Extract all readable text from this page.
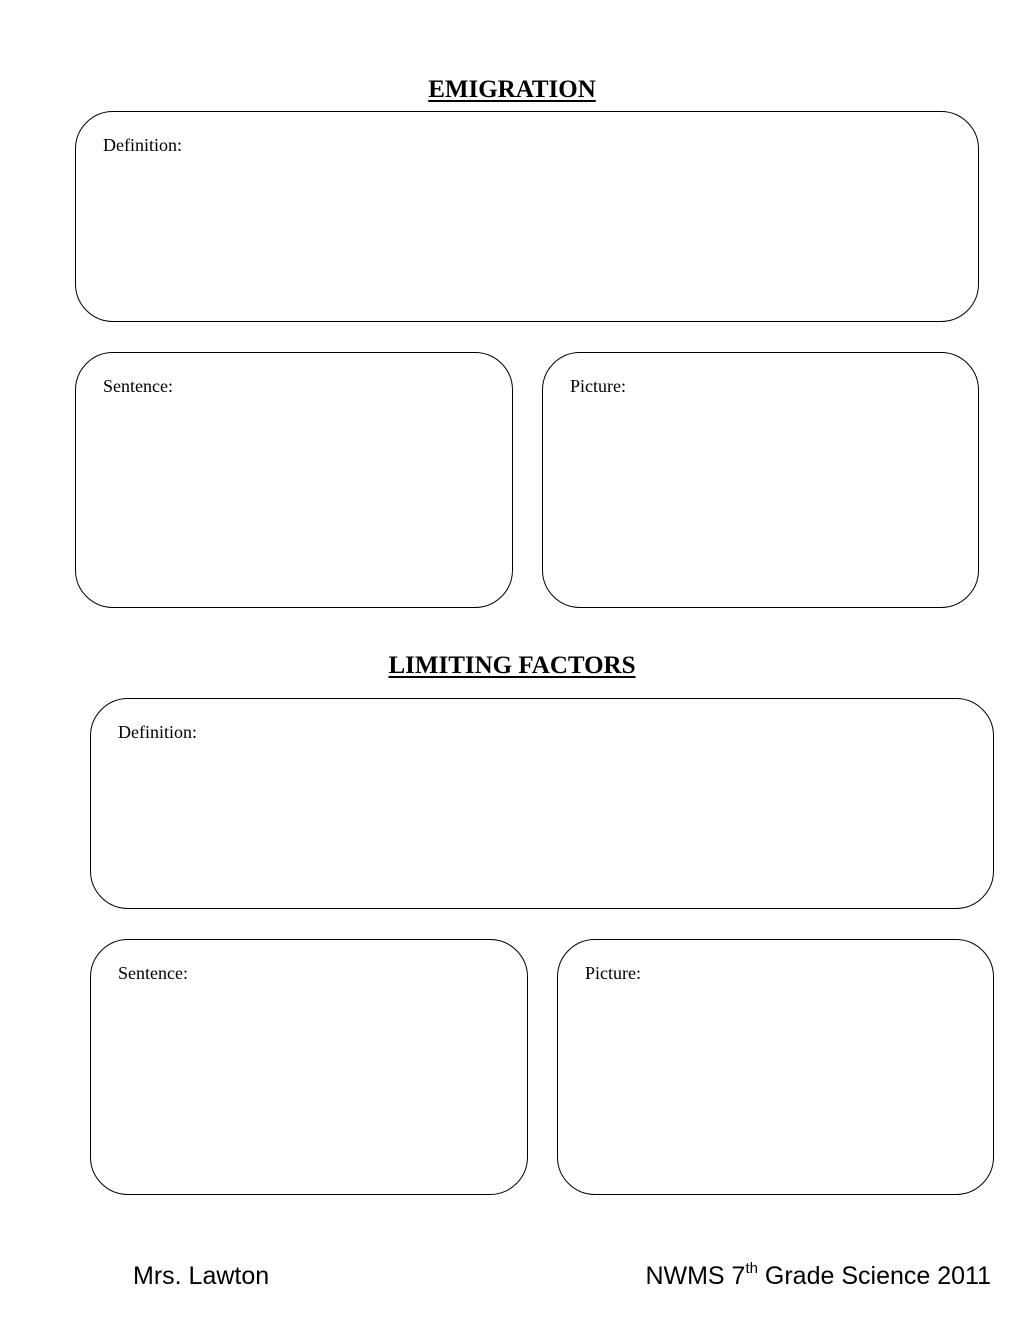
EMIGRATION
Definition:
Sentence:	Picture:
LIMITING FACTORS
Definition:
Sentence:	Picture:
Mrs. Lawton	NWMS 7th Grade Science 2011
